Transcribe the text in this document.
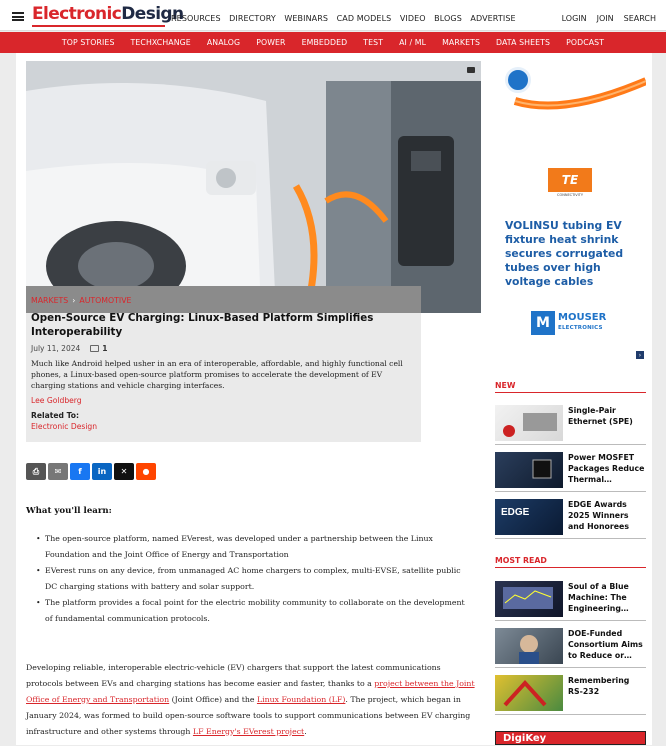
ElectronicDesign
RESOURCES DIRECTORY WEBINARS CAD MODELS VIDEO BLOGS ADVERTISE	LOGIN JOIN SEARCH
TOP STORIES TECHXCHANGE ANALOG POWER EMBEDDED TEST AI / ML MARKETS DATA SHEETS PODCAST
MARKETS › AUTOMOTIVE
Open-Source EV Charging: Linux-Based Platform Simplifies Interoperability
July 11, 2024	1
Much like Android helped usher in an era of interoperable, affordable, and highly functional cell phones, a Linux-based open-source platform promises to accelerate the development of EV charging stations and vehicle charging interfaces.
Lee Goldberg
Related To:
Electronic Design
⎙	✉	f	in	✕	●
What you'll learn:
• The open-source platform, named EVerest, was developed under a partnership between the Linux Foundation and the Joint Office of Energy and Transportation
• EVerest runs on any device, from unmanaged AC home chargers to complex, multi-EVSE, satellite public DC charging stations with battery and solar support.
• The platform provides a focal point for the electric mobility community to collaborate on the development of fundamental communication protocols.
Developing reliable, interoperable electric-vehicle (EV) chargers that support the latest communications protocols between EVs and charging stations has become easier and faster, thanks to a project between the Joint Office of Energy and Transportation (Joint Office) and the Linux Foundation (LF). The project, which began in January 2024, was formed to build open-source software tools to support communications between EV charging infrastructure and other systems through LF Energy's EVerest project.
TE
CONNECTIVITY
VOLINSU tubing EV fixture heat shrink secures corrugated tubes over high voltage cables
M MOUSER
ELECTRONICS
›
NEW
Single-Pair Ethernet (SPE)
Power MOSFET Packages Reduce Thermal…
EDGE
EDGE Awards 2025 Winners and Honorees
MOST READ
Soul of a Blue Machine: The Engineering…
DOE-Funded Consortium Aims to Reduce or…
Remembering RS-232
DigiKey
